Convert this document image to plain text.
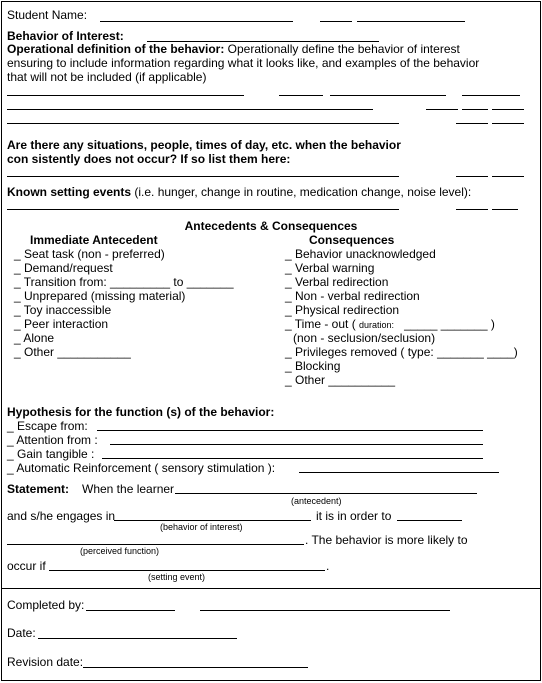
Student Name:
Behavior of Interest:
Operational definition of the behavior: Operationally define the behavior of interest
ensuring to include information regarding what it looks like, and examples of the behavior
that will not be included (if applicable)
Are there any situations, people, times of day, etc. when the behavior
con sistently does not occur? If so list them here:
Known setting events (i.e. hunger, change in routine, medication change, noise level):
Antecedents & Consequences
Immediate Antecedent	Consequences
_ Seat task (non - preferred)
_ Demand/request
_ Transition from: _________ to _______
_ Unprepared (missing material)
_ Toy inaccessible
_ Peer interaction
_ Alone
_ Other ___________
_ Behavior unacknowledged
_ Verbal warning
_ Verbal redirection
_ Non - verbal redirection
_ Physical redirection
_ Time - out ( duration: _____ _______ )
(non - seclusion/seclusion)
_ Privileges removed ( type: _______ ____)
_ Blocking
_ Other __________
Hypothesis for the function (s) of the behavior:
_ Escape from:
_ Attention from :
_ Gain tangible :
_ Automatic Reinforcement ( sensory stimulation ):
Statement: When the learner
(antecedent)
and s/he engages in	it is in order to
(behavior of interest)
. The behavior is more likely to
(perceived function)
occur if	.
(setting event)
Completed by:
Date:
Revision date:
